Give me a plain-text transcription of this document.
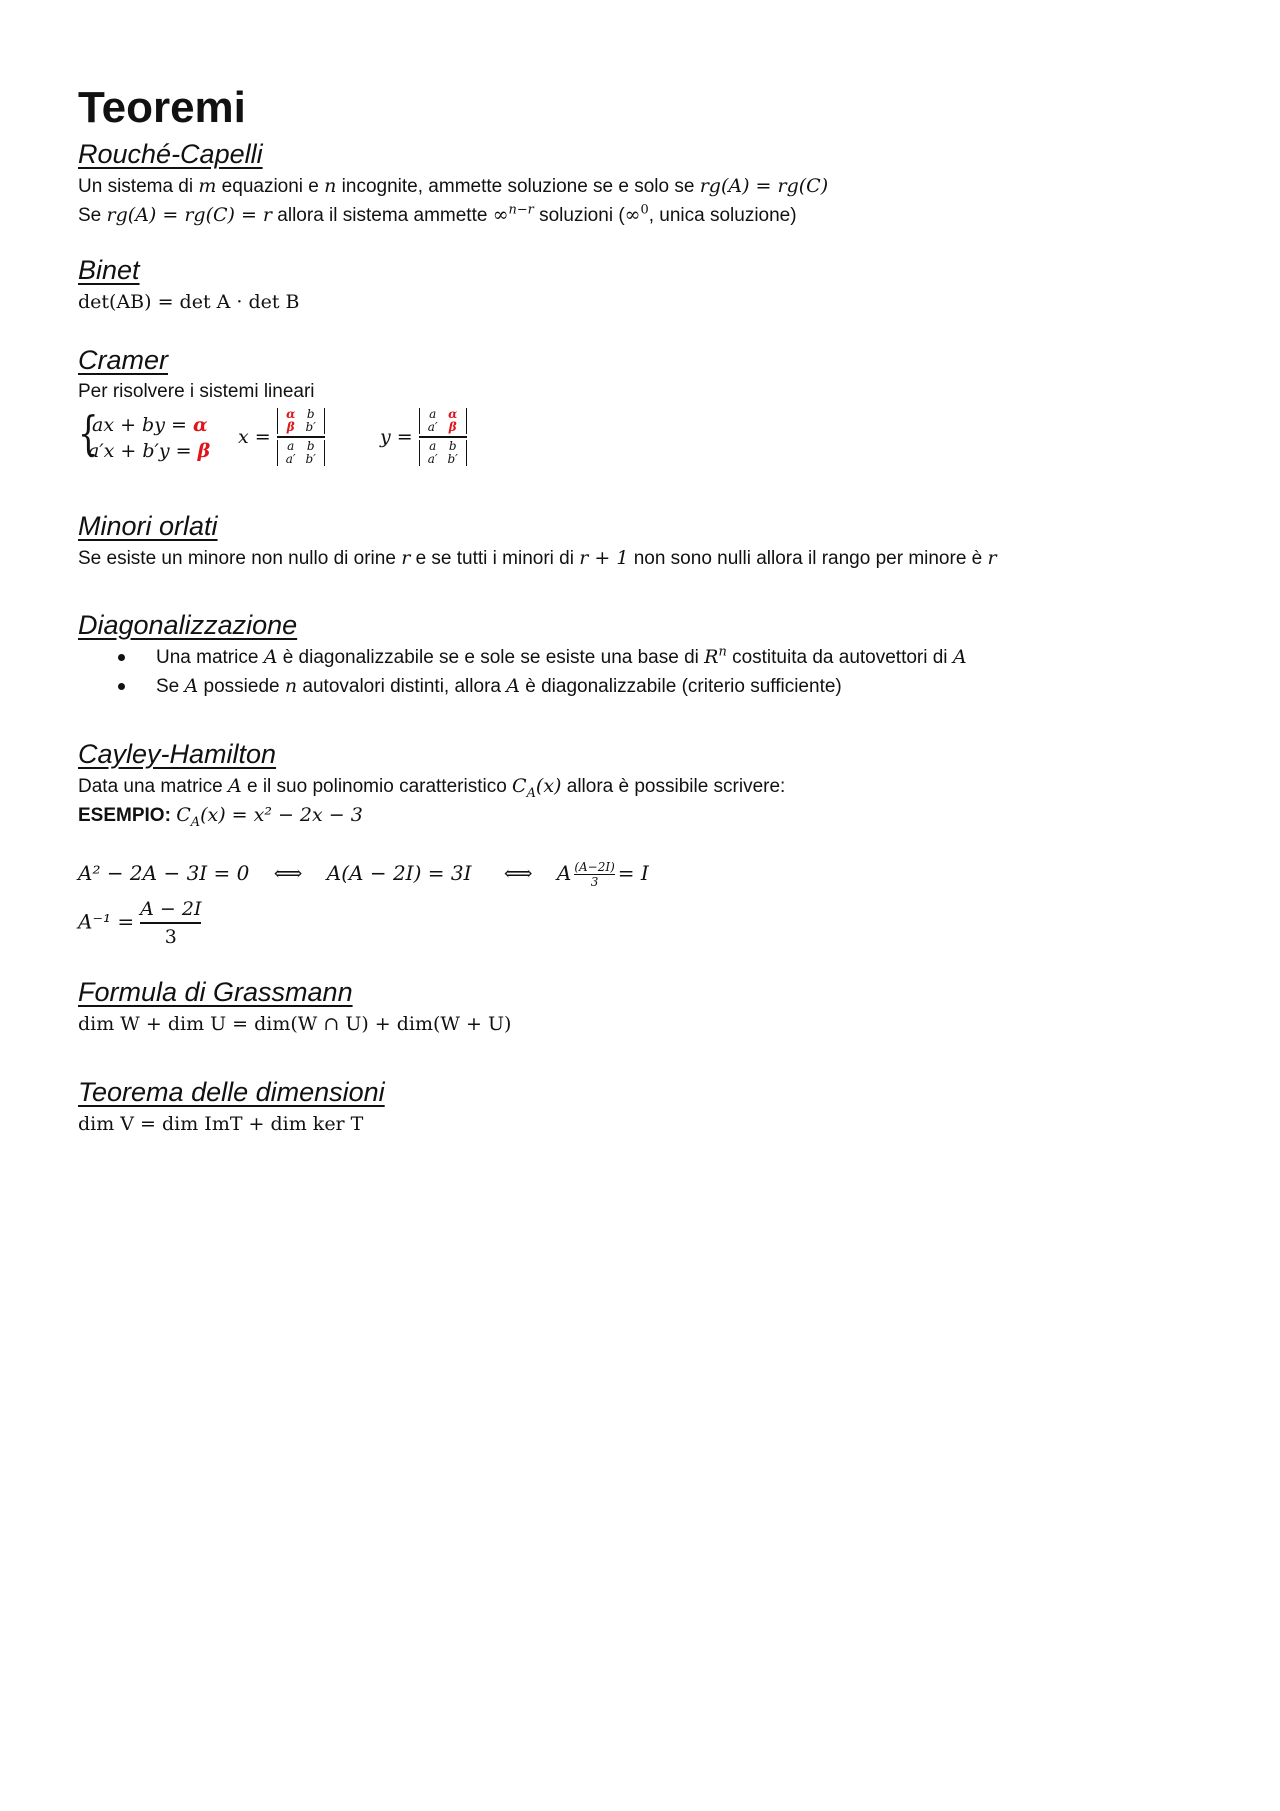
Teoremi
Rouché-Capelli
Un sistema di m equazioni e n incognite, ammette soluzione se e solo se rg(A) = rg(C)
Se rg(A) = rg(C) = r allora il sistema ammette ∞$^{n-r}$ soluzioni (∞$^0$, unica soluzione)
Binet
det(AB) = det A · det B
Cramer
Per risolvere i sistemi lineari
{
ax + by = α
a′x + b′y = β
x =
α b
β b′
a	b
a′ b′
y =
a α
a′ β
a	b
a′ b′
Minori orlati
Se esiste un minore non nullo di orine r e se tutti i minori di r + 1 non sono nulli allora il rango per minore è r
Diagonalizzazione
Una matrice A è diagonalizzabile se e sole se esiste una base di $R^n$ costituita da autovettori di A
Se A possiede n autovalori distinti, allora A è diagonalizzabile (criterio sufficiente)
Cayley-Hamilton
Data una matrice A e il suo polinomio caratteristico $C_A(x)$ allora è possibile scrivere:
ESEMPIO: $C_A(x) = x^2 - 2x - 3$
A² − 2A − 3I = 0 ⟺ A(A − 2I) = 3I ⟺ A $\frac{(A-2I)}{3} = I$
$A^{-1} = \frac{A - 2I}{3}$
Formula di Grassmann
dim W + dim U = dim(W ∩ U) + dim(W + U)
Teorema delle dimensioni
dim V = dim ImT + dim ker T
